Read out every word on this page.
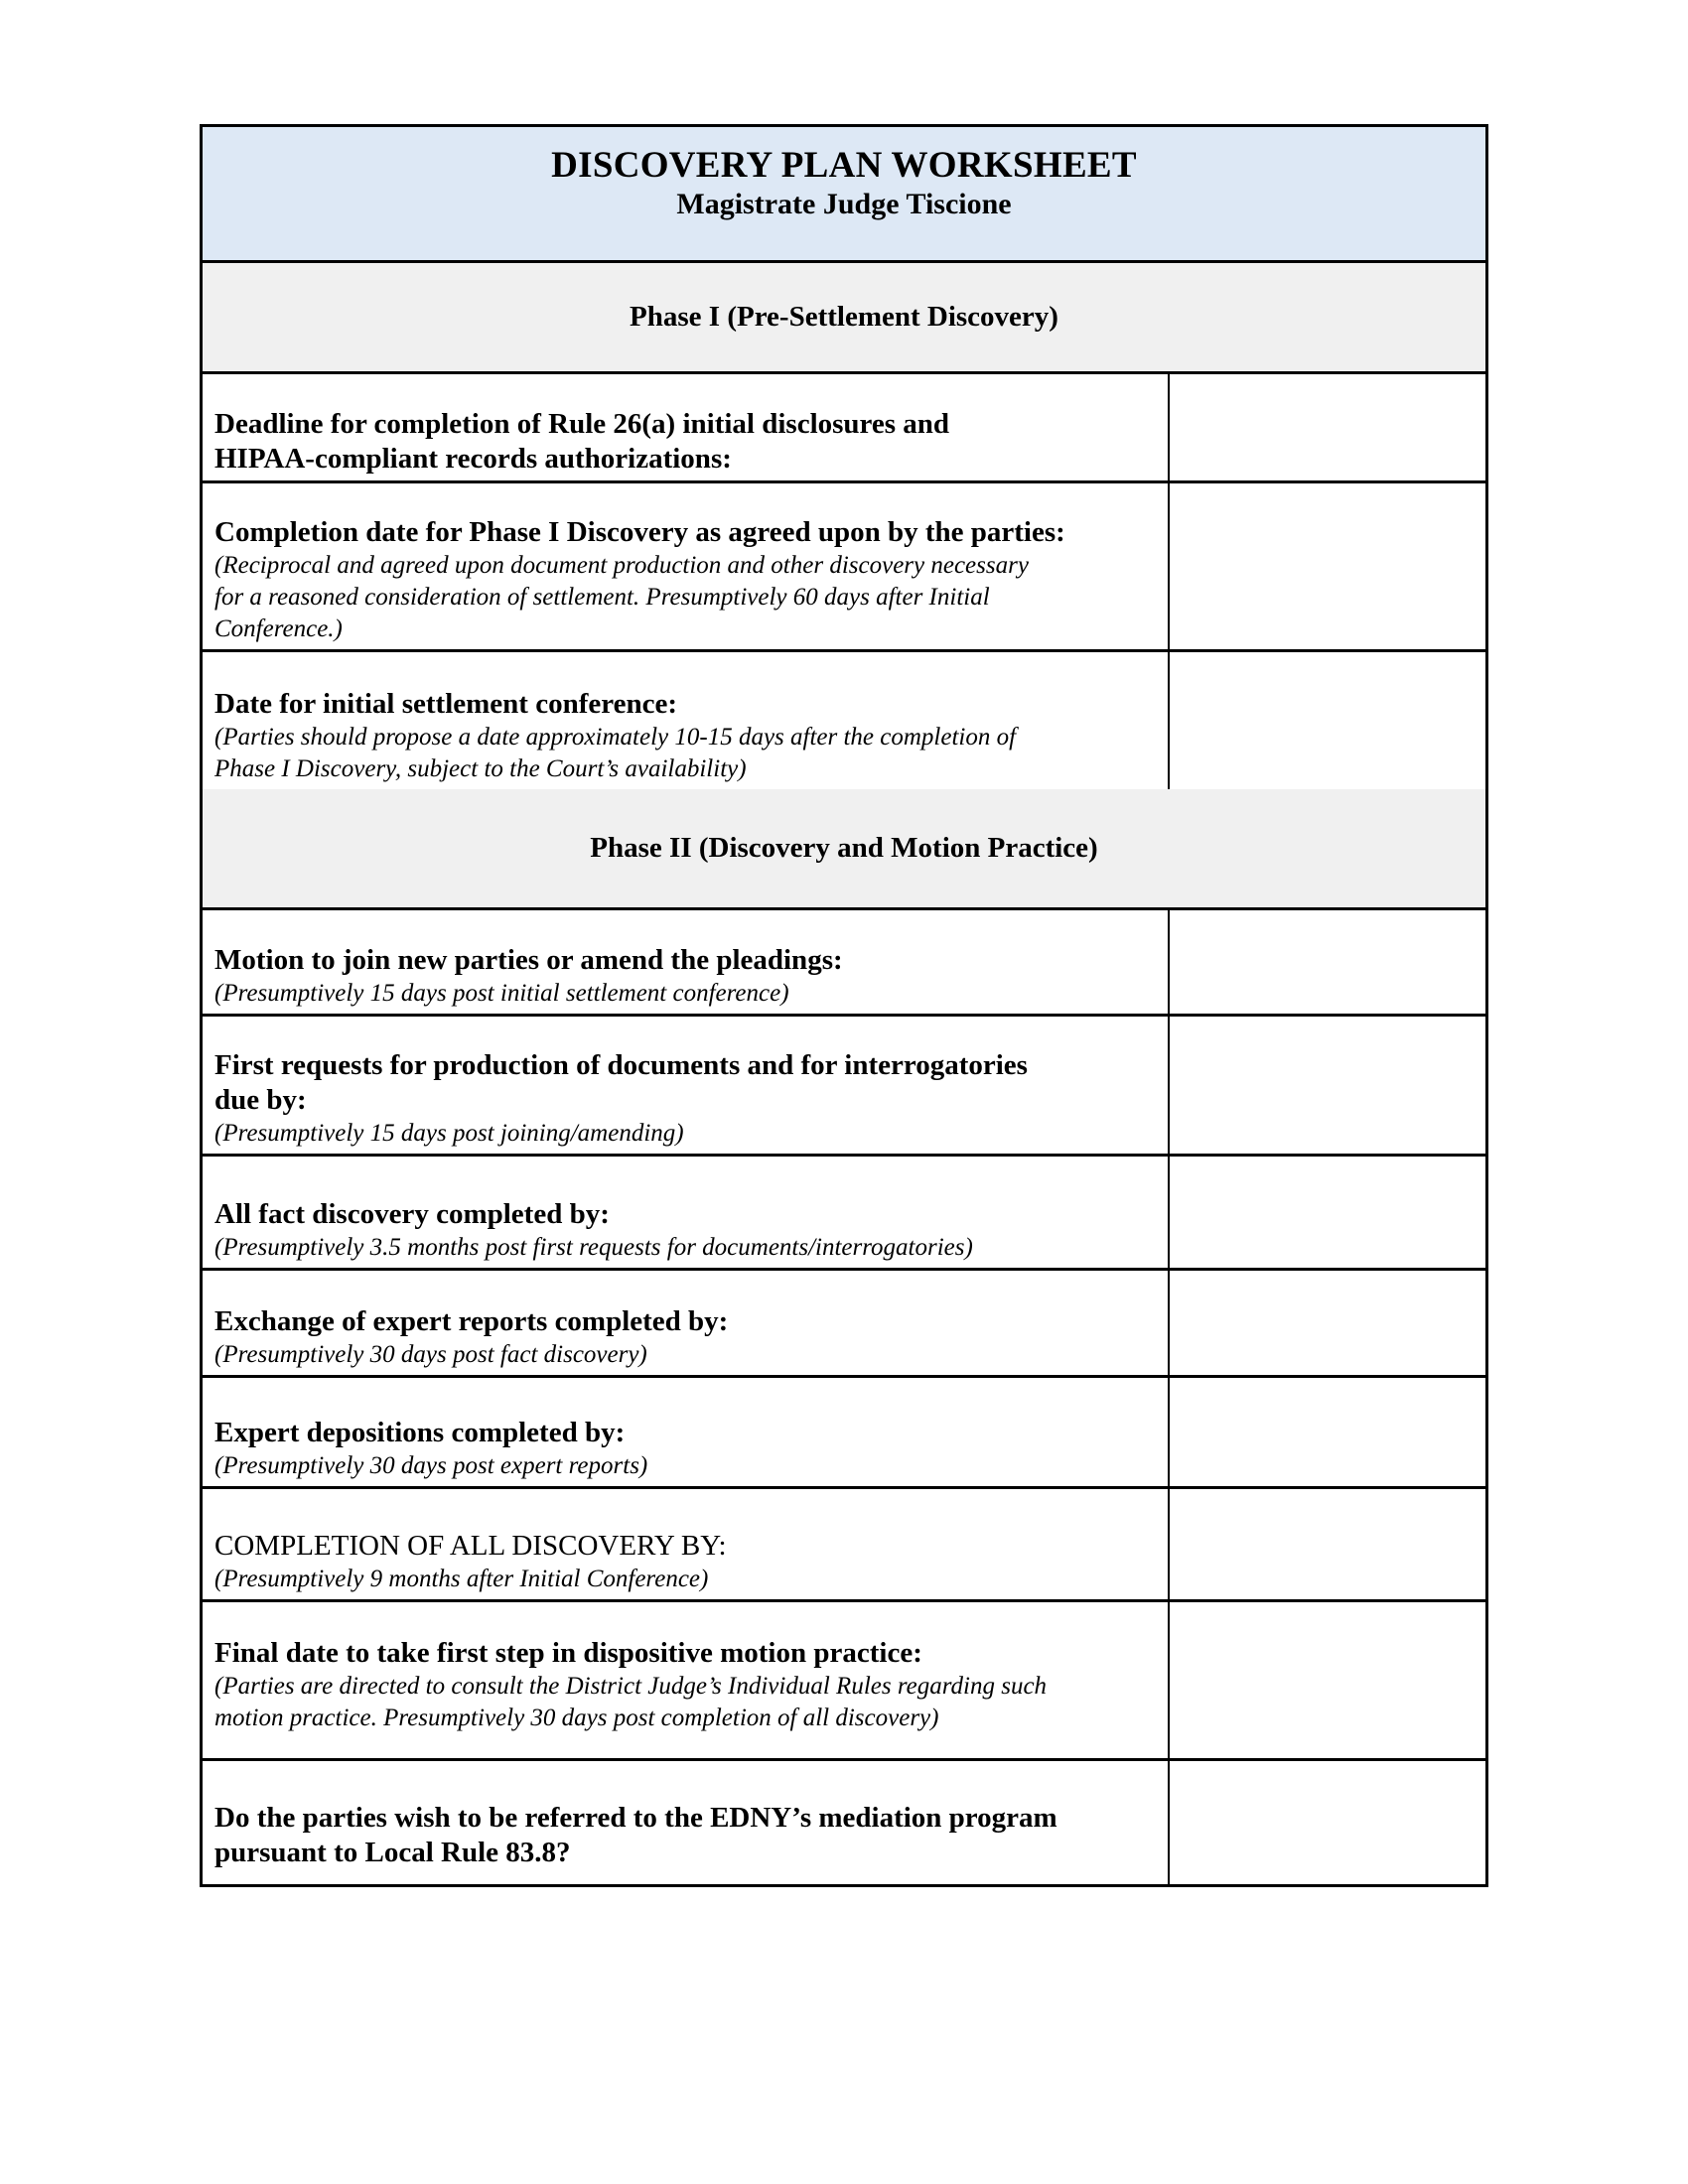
DISCOVERY PLAN WORKSHEET
Magistrate Judge Tiscione
Phase I (Pre-Settlement Discovery)
Deadline for completion of Rule 26(a) initial disclosures and
HIPAA-compliant records authorizations:
Completion date for Phase I Discovery as agreed upon by the parties:
(Reciprocal and agreed upon document production and other discovery necessary
for a reasoned consideration of settlement. Presumptively 60 days after Initial
Conference.)
Date for initial settlement conference:
(Parties should propose a date approximately 10-15 days after the completion of
Phase I Discovery, subject to the Court’s availability)
Phase II (Discovery and Motion Practice)
Motion to join new parties or amend the pleadings:
(Presumptively 15 days post initial settlement conference)
First requests for production of documents and for interrogatories
due by:
(Presumptively 15 days post joining/amending)
All fact discovery completed by:
(Presumptively 3.5 months post first requests for documents/interrogatories)
Exchange of expert reports completed by:
(Presumptively 30 days post fact discovery)
Expert depositions completed by:
(Presumptively 30 days post expert reports)
COMPLETION OF ALL DISCOVERY BY:
(Presumptively 9 months after Initial Conference)
Final date to take first step in dispositive motion practice:
(Parties are directed to consult the District Judge’s Individual Rules regarding such
motion practice. Presumptively 30 days post completion of all discovery)
Do the parties wish to be referred to the EDNY’s mediation program
pursuant to Local Rule 83.8?
